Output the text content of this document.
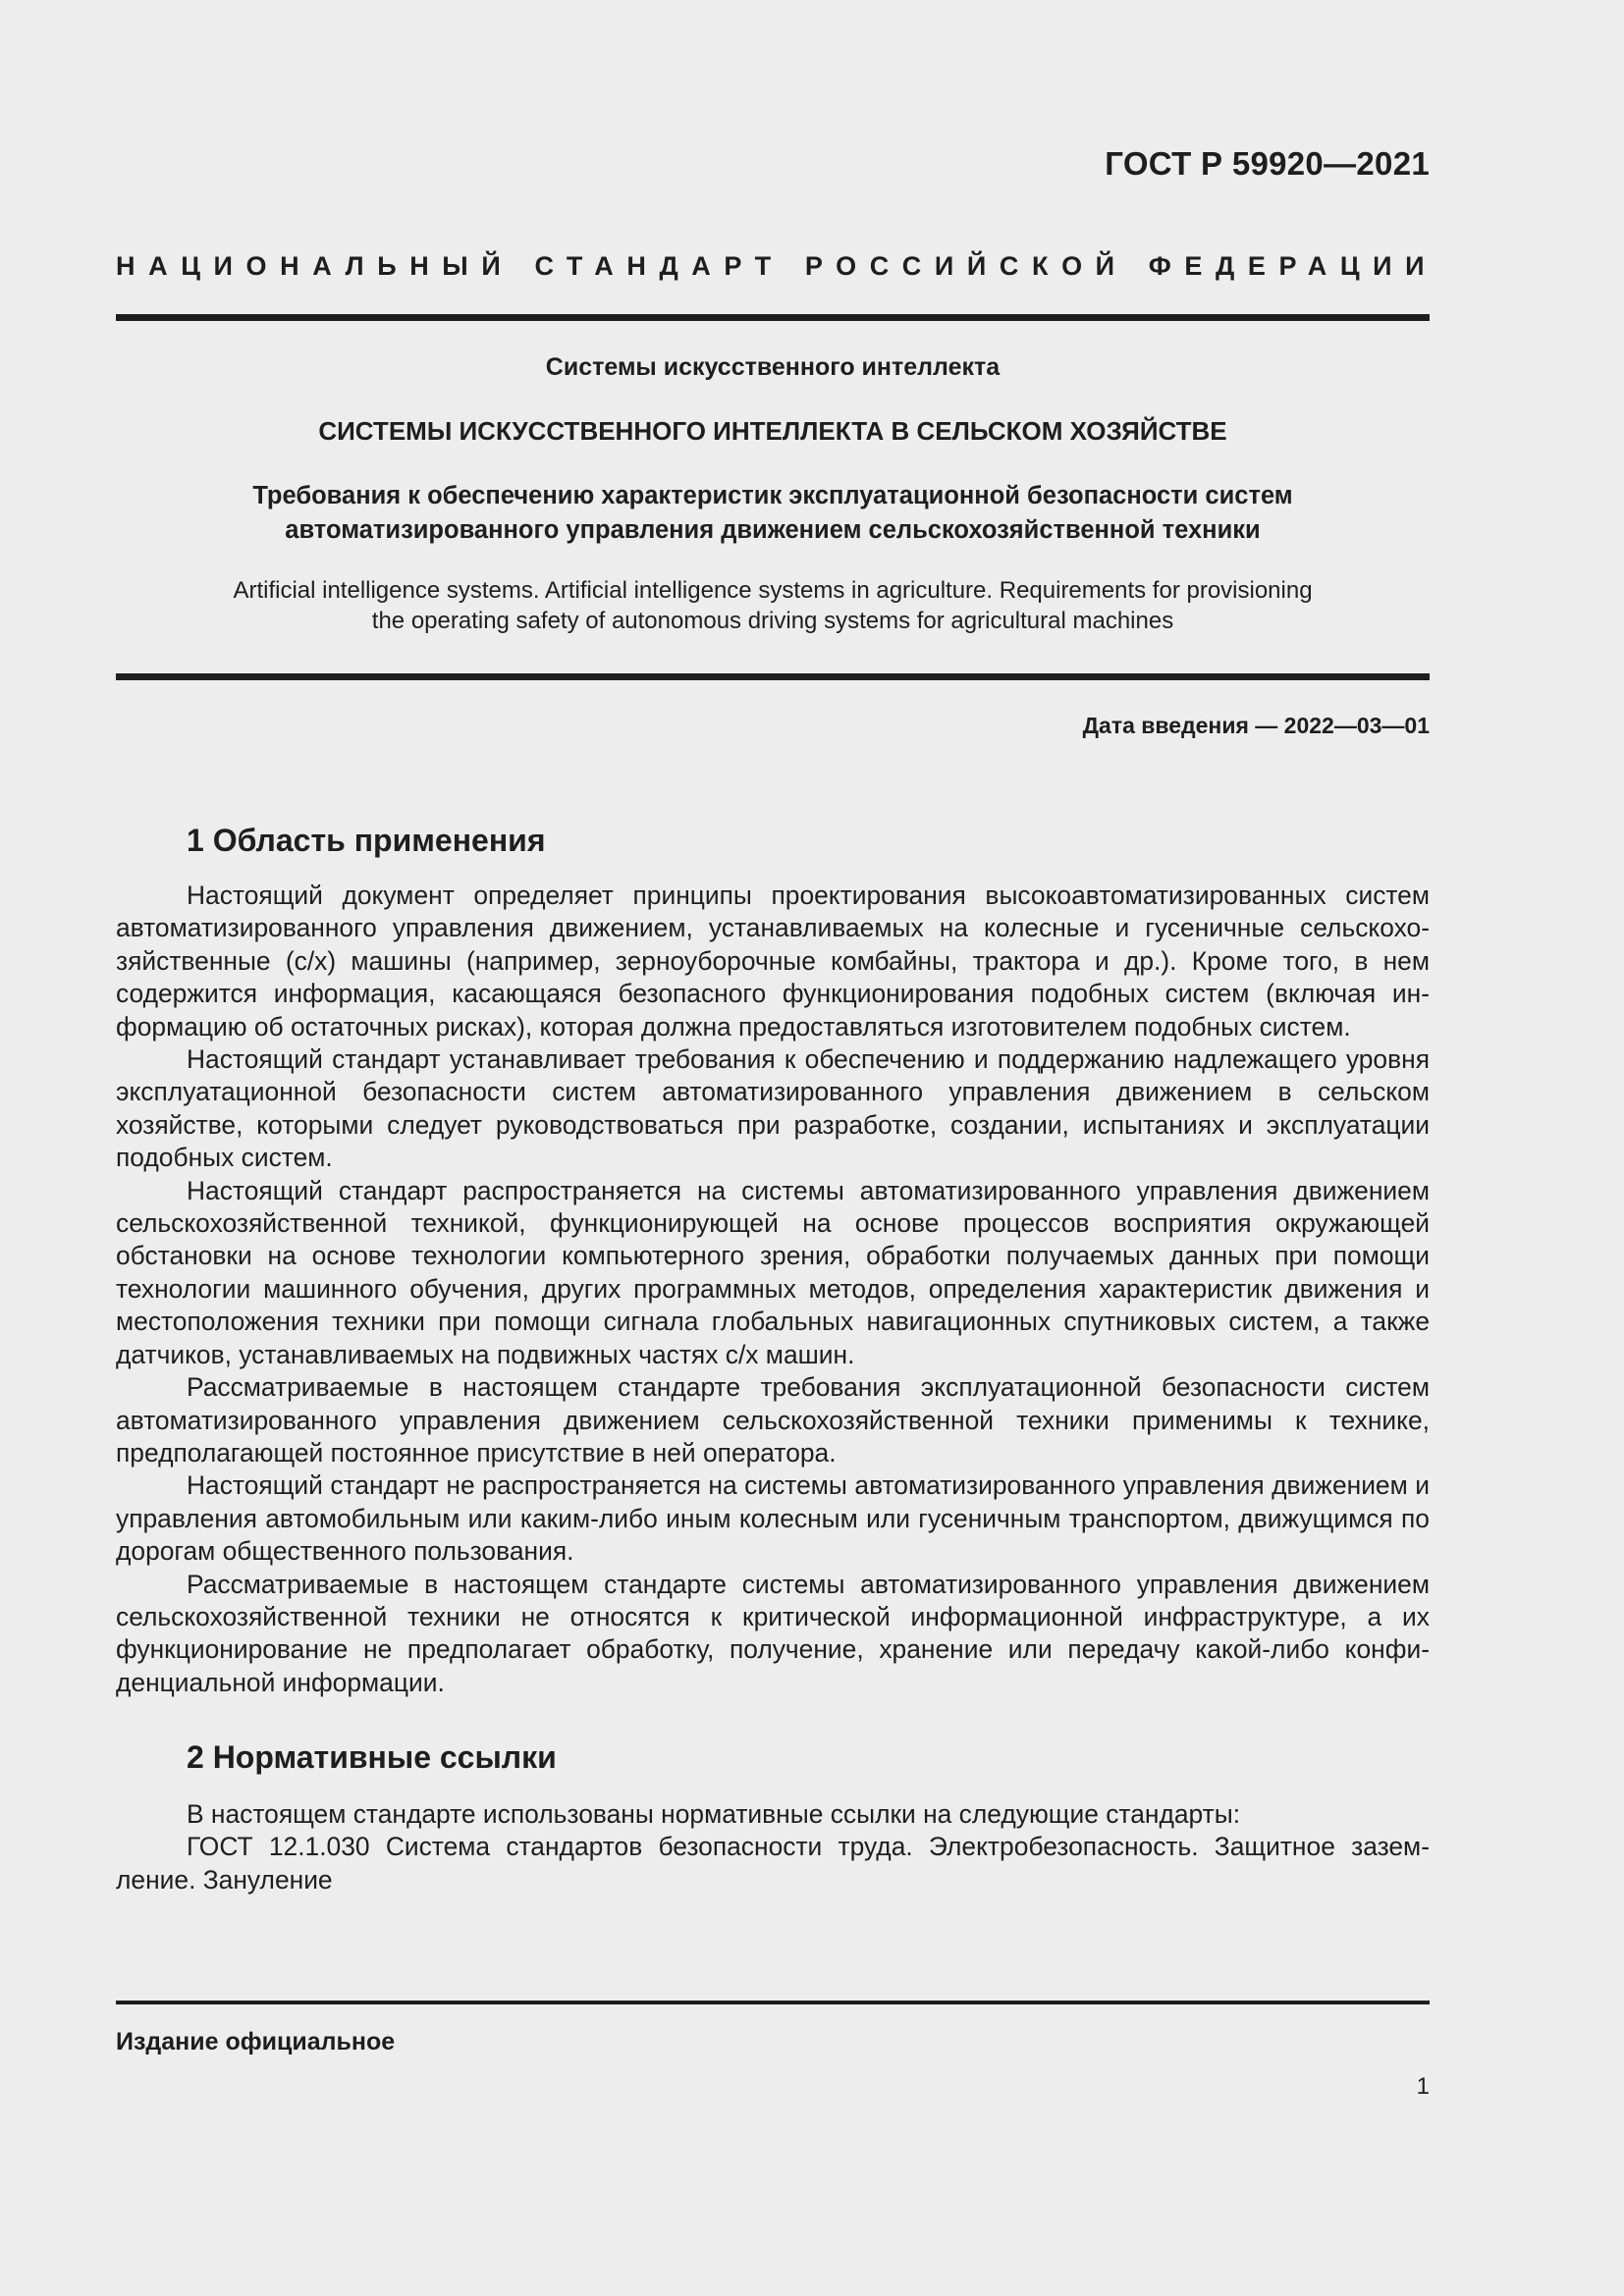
ГОСТ Р 59920—2021
НАЦИОНАЛЬНЫЙ СТАНДАРТ РОССИЙСКОЙ ФЕДЕРАЦИИ
Системы искусственного интеллекта
СИСТЕМЫ ИСКУССТВЕННОГО ИНТЕЛЛЕКТА В СЕЛЬСКОМ ХОЗЯЙСТВЕ
Требования к обеспечению характеристик эксплуатационной безопасности систем
автоматизированного управления движением сельскохозяйственной техники
Artificial intelligence systems. Artificial intelligence systems in agriculture. Requirements for provisioning
the operating safety of autonomous driving systems for agricultural machines
Дата введения — 2022—03—01
1 Область применения

Настоящий документ определяет принципы проектирования высокоавтоматизированных систем автоматизированного управления движением, устанавливаемых на колесные и гусеничные сельскохозяйственные (с/х) машины (например, зерноуборочные комбайны, трактора и др.). Кроме того, в нем содержится информация, касающаяся безопасного функционирования подобных систем (включая информацию об остаточных рисках), которая должна предоставляться изготовителем подобных систем.

Настоящий стандарт устанавливает требования к обеспечению и поддержанию надлежащего уровня эксплуатационной безопасности систем автоматизированного управления движением в сельском хозяйстве, которыми следует руководствоваться при разработке, создании, испытаниях и эксплуатации подобных систем.

Настоящий стандарт распространяется на системы автоматизированного управления движением сельскохозяйственной техникой, функционирующей на основе процессов восприятия окружающей обстановки на основе технологии компьютерного зрения, обработки получаемых данных при помощи технологии машинного обучения, других программных методов, определения характеристик движения и местоположения техники при помощи сигнала глобальных навигационных спутниковых систем, а также датчиков, устанавливаемых на подвижных частях с/х машин.

Рассматриваемые в настоящем стандарте требования эксплуатационной безопасности систем автоматизированного управления движением сельскохозяйственной техники применимы к технике, предполагающей постоянное присутствие в ней оператора.

Настоящий стандарт не распространяется на системы автоматизированного управления движением и управления автомобильным или каким-либо иным колесным или гусеничным транспортом, движущимся по дорогам общественного пользования.

Рассматриваемые в настоящем стандарте системы автоматизированного управления движением сельскохозяйственной техники не относятся к критической информационной инфраструктуре, а их функционирование не предполагает обработку, получение, хранение или передачу какой-либо конфиденциальной информации.

2 Нормативные ссылки

В настоящем стандарте использованы нормативные ссылки на следующие стандарты:

ГОСТ 12.1.030 Система стандартов безопасности труда. Электробезопасность. Защитное заземление. Зануление

Издание официальное
1
